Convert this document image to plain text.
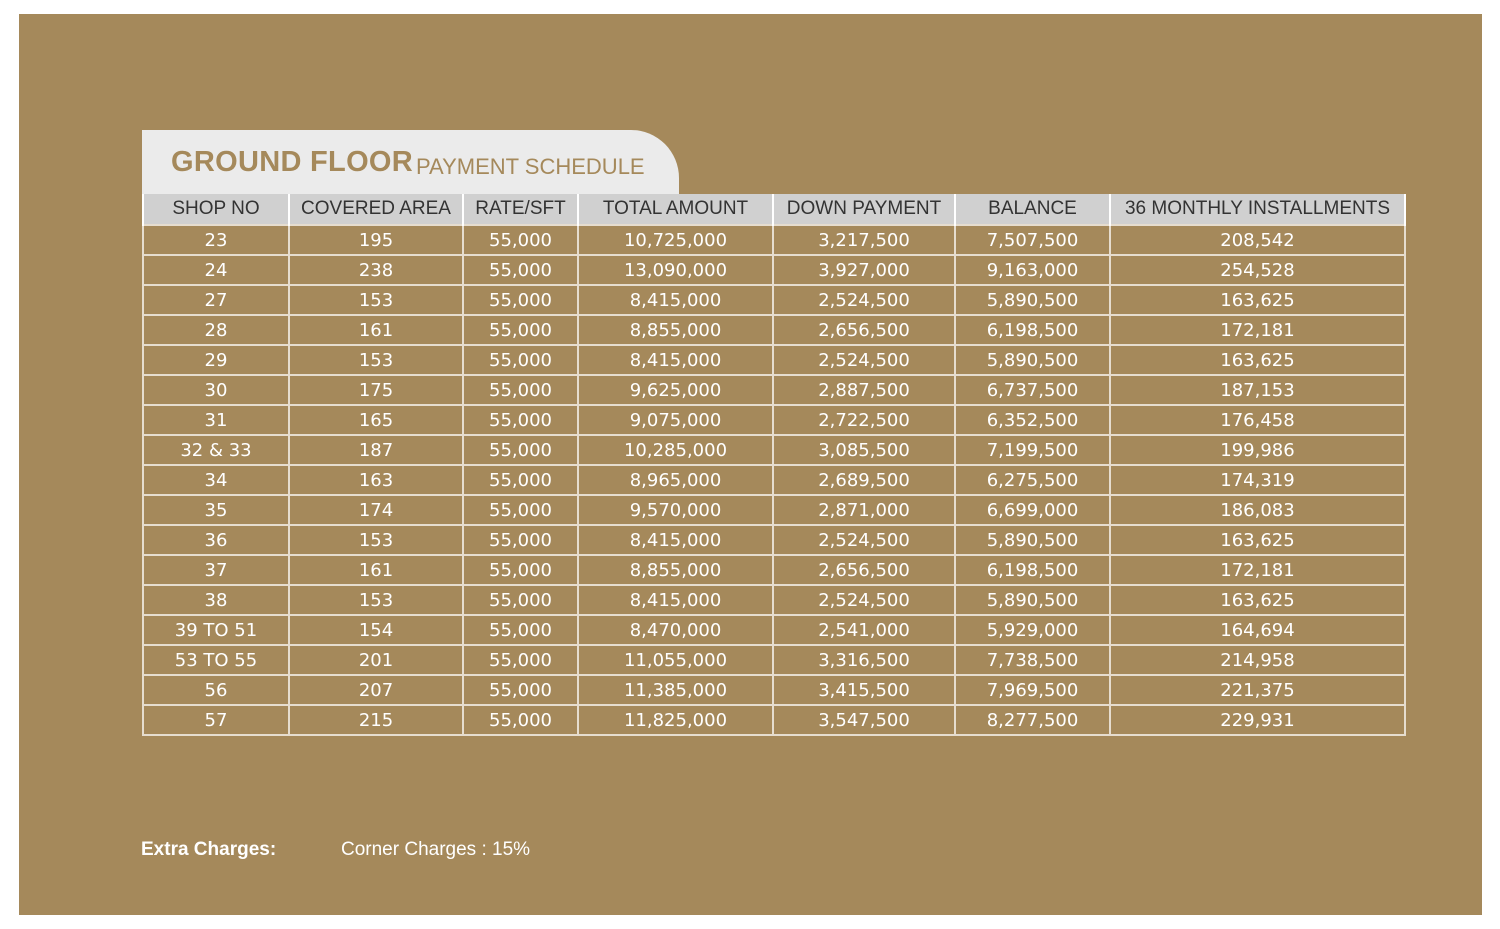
GROUND FLOOR PAYMENT SCHEDULE
SHOP NO	COVERED AREA	RATE/SFT	TOTAL AMOUNT	DOWN PAYMENT	BALANCE	36 MONTHLY INSTALLMENTS
23	195	55,000	10,725,000	3,217,500	7,507,500	208,542
24	238	55,000	13,090,000	3,927,000	9,163,000	254,528
27	153	55,000	8,415,000	2,524,500	5,890,500	163,625
28	161	55,000	8,855,000	2,656,500	6,198,500	172,181
29	153	55,000	8,415,000	2,524,500	5,890,500	163,625
30	175	55,000	9,625,000	2,887,500	6,737,500	187,153
31	165	55,000	9,075,000	2,722,500	6,352,500	176,458
32 & 33	187	55,000	10,285,000	3,085,500	7,199,500	199,986
34	163	55,000	8,965,000	2,689,500	6,275,500	174,319
35	174	55,000	9,570,000	2,871,000	6,699,000	186,083
36	153	55,000	8,415,000	2,524,500	5,890,500	163,625
37	161	55,000	8,855,000	2,656,500	6,198,500	172,181
38	153	55,000	8,415,000	2,524,500	5,890,500	163,625
39 TO 51	154	55,000	8,470,000	2,541,000	5,929,000	164,694
53 TO 55	201	55,000	11,055,000	3,316,500	7,738,500	214,958
56	207	55,000	11,385,000	3,415,500	7,969,500	221,375
57	215	55,000	11,825,000	3,547,500	8,277,500	229,931
Extra Charges:	Corner Charges : 15%
